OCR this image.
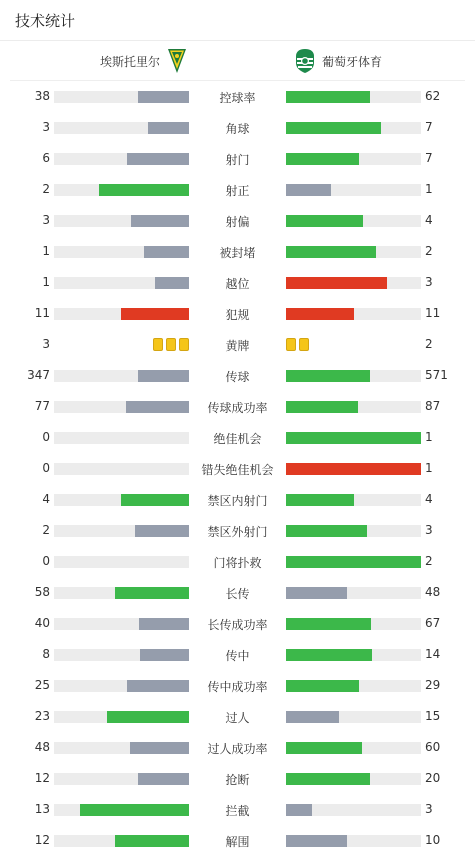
技术统计
埃斯托里尔	葡萄牙体育
38	控球率	62
3	角球	7
6	射门	7
2	射正	1
3	射偏	4
1	被封堵	2
1	越位	3
11	犯规	11
3	黄牌	2
347	传球	571
77	传球成功率	87
0	绝佳机会	1
0	错失绝佳机会	1
4	禁区内射门	4
2	禁区外射门	3
0	门将扑救	2
58	长传	48
40	长传成功率	67
8	传中	14
25	传中成功率	29
23	过人	15
48	过人成功率	60
12	抢断	20
13	拦截	3
12	解围	10
